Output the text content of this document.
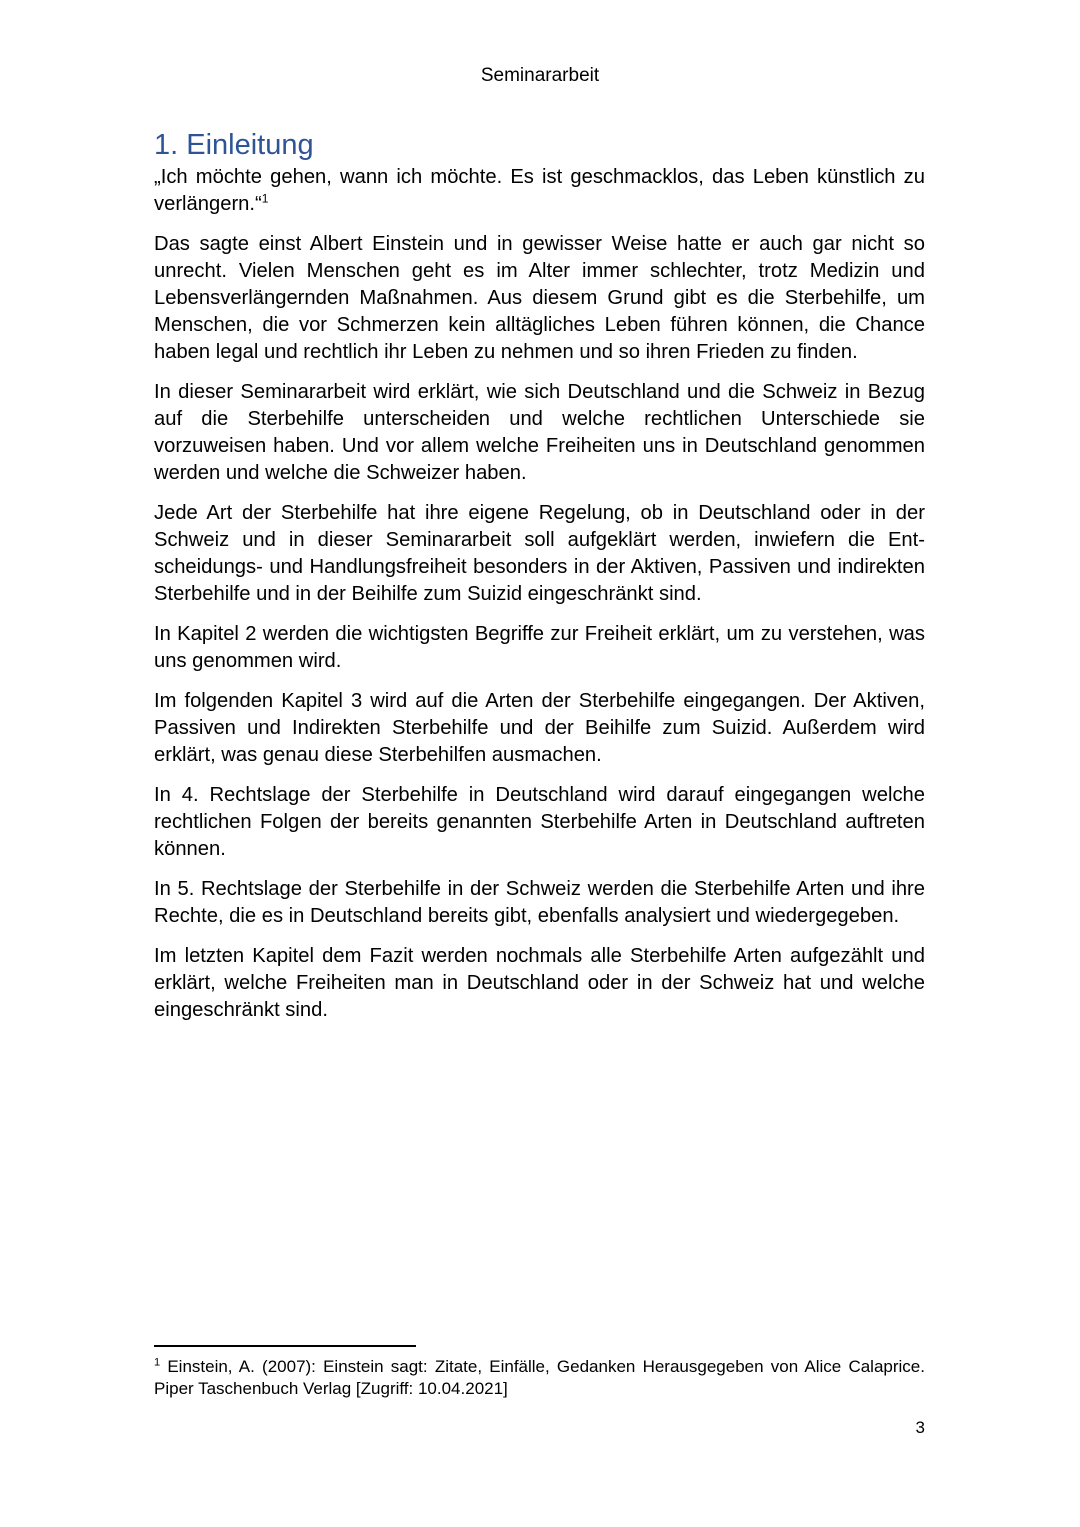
Seminararbeit
1. Einleitung

„Ich möchte gehen, wann ich möchte. Es ist geschmacklos, das Leben künstlich zu verlängern.“$^1$

Das sagte einst Albert Einstein und in gewisser Weise hatte er auch gar nicht so unrecht. Vielen Menschen geht es im Alter immer schlechter, trotz Medizin und Lebensverlängernden Maßnahmen. Aus diesem Grund gibt es die Sterbehilfe, um Menschen, die vor Schmerzen kein alltägliches Leben führen können, die Chance haben legal und rechtlich ihr Leben zu nehmen und so ihren Frieden zu finden.

In dieser Seminararbeit wird erklärt, wie sich Deutschland und die Schweiz in Bezug auf die Sterbehilfe unterscheiden und welche rechtlichen Unterschiede sie vorzuweisen haben. Und vor allem welche Freiheiten uns in Deutschland genommen werden und welche die Schweizer haben.

Jede Art der Sterbehilfe hat ihre eigene Regelung, ob in Deutschland oder in der Schweiz und in dieser Seminararbeit soll aufgeklärt werden, inwiefern die Entscheidungs- und Handlungsfreiheit besonders in der Aktiven, Passiven und indirekten Sterbehilfe und in der Beihilfe zum Suizid eingeschränkt sind.

In Kapitel 2 werden die wichtigsten Begriffe zur Freiheit erklärt, um zu verstehen, was uns genommen wird.

Im folgenden Kapitel 3 wird auf die Arten der Sterbehilfe eingegangen. Der Aktiven, Passiven und Indirekten Sterbehilfe und der Beihilfe zum Suizid. Außerdem wird erklärt, was genau diese Sterbehilfen ausmachen.

In 4. Rechtslage der Sterbehilfe in Deutschland wird darauf eingegangen welche rechtlichen Folgen der bereits genannten Sterbehilfe Arten in Deutschland auftreten können.

In 5. Rechtslage der Sterbehilfe in der Schweiz werden die Sterbehilfe Arten und ihre Rechte, die es in Deutschland bereits gibt, ebenfalls analysiert und wiedergegeben.

Im letzten Kapitel dem Fazit werden nochmals alle Sterbehilfe Arten aufgezählt und erklärt, welche Freiheiten man in Deutschland oder in der Schweiz hat und welche eingeschränkt sind.

$^1$ Einstein, A. (2007): Einstein sagt: Zitate, Einfälle, Gedanken Herausgegeben von Alice Calaprice. Piper Taschenbuch Verlag [Zugriff: 10.04.2021]

3
